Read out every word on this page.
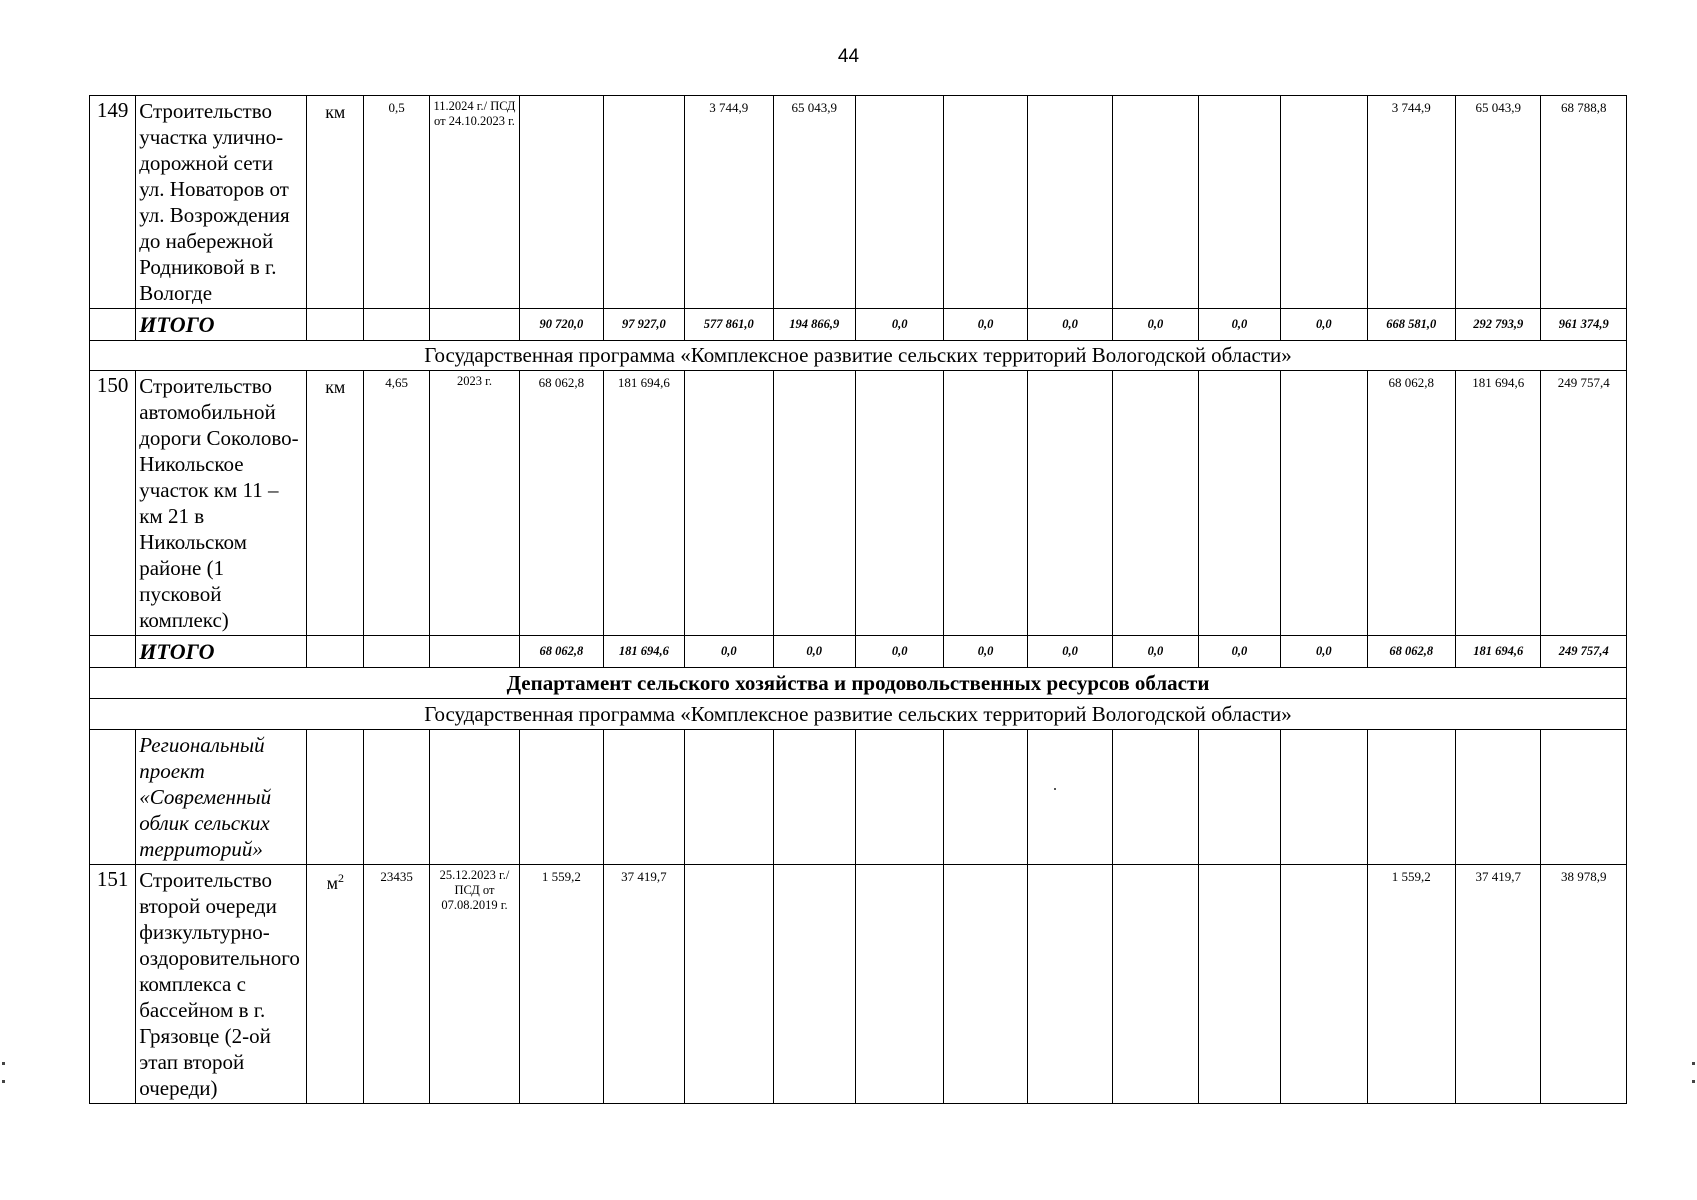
44
149	Строительство участка улично-дорожной сети ул. Новаторов от ул. Возрождения до набережной Родниковой в г. Вологде	км	0,5	11.2024 г./ ПСД от 24.10.2023 г.			3 744,9	65 043,9							3 744,9	65 043,9	68 788,8
	ИТОГО				90 720,0	97 927,0	577 861,0	194 866,9	0,0	0,0	0,0	0,0	0,0	0,0	668 581,0	292 793,9	961 374,9
Государственная программа «Комплексное развитие сельских территорий Вологодской области»																	
150	Строительство автомобильной дороги Соколово-Никольское участок км 11 – км 21 в Никольском районе (1 пусковой комплекс)	км	4,65	2023 г.	68 062,8	181 694,6									68 062,8	181 694,6	249 757,4
	ИТОГО				68 062,8	181 694,6	0,0	0,0	0,0	0,0	0,0	0,0	0,0	0,0	68 062,8	181 694,6	249 757,4
Департамент сельского хозяйства и продовольственных ресурсов области																	
Государственная программа «Комплексное развитие сельских территорий Вологодской области»																	
	Региональный проект «Современный облик сельских территорий»																
151	Строительство второй очереди физкультурно-оздоровительного комплекса с бассейном в г. Грязовце (2-ой этап второй очереди)	$м^2$	23435	25.12.2023 г./ ПСД от 07.08.2019 г.	1 559,2	37 419,7									1 559,2	37 419,7	38 978,9
